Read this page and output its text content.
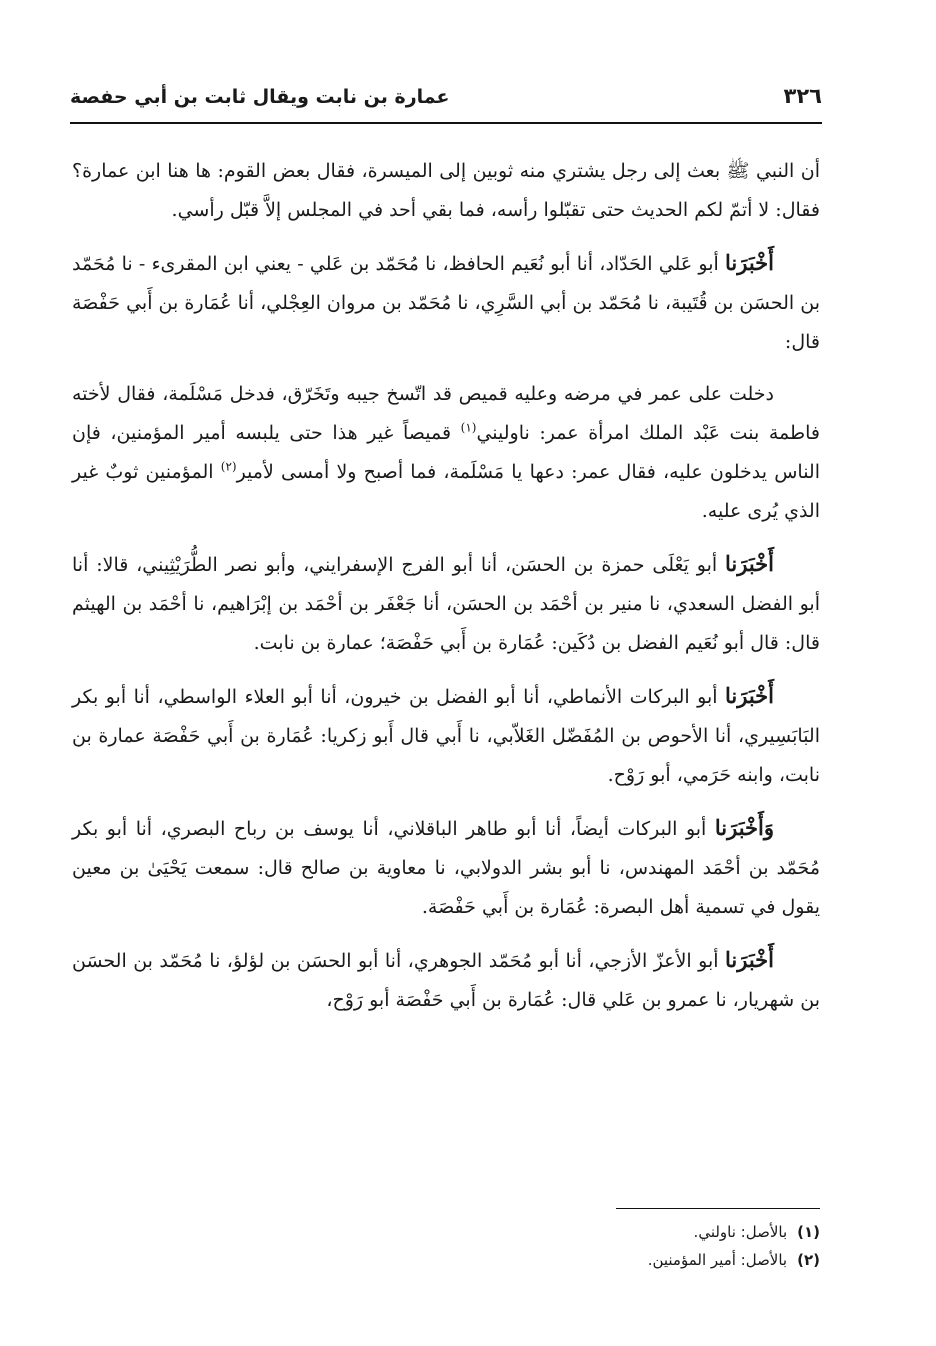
عمارة بن نابت ويقال ثابت بن أبي حفصة	٣٢٦

أن النبي ﷺ بعث إلى رجل يشتري منه ثوبين إلى الميسرة، فقال بعض القوم: ها هنا ابن عمارة؟ فقال: لا أتمّ لكم الحديث حتى تقبّلوا رأسه، فما بقي أحد في المجلس إلاَّ قبّل رأسي.

أَخْبَرَنا أبو عَلي الحَدّاد، أنا أبو نُعَيم الحافظ، نا مُحَمّد بن عَلي - يعني ابن المقرىء - نا مُحَمّد بن الحسَن بن قُتَيبة، نا مُحَمّد بن أبي السَّرِي، نا مُحَمّد بن مروان العِجْلي، أنا عُمَارة بن أَبي حَفْصَة قال:

دخلت على عمر في مرضه وعليه قميص قد اتّسخ جيبه وتَخَرّق، فدخل مَسْلَمة، فقال لأخته فاطمة بنت عَبْد الملك امرأة عمر: ناوليني$^{(١)}$ قميصاً غير هذا حتى يلبسه أمير المؤمنين، فإن الناس يدخلون عليه، فقال عمر: دعها يا مَسْلَمة، فما أصبح ولا أمسى لأمير$^{(٢)}$ المؤمنين ثوبٌ غير الذي يُرى عليه.

أَخْبَرَنا أبو يَعْلَى حمزة بن الحسَن، أنا أبو الفرج الإسفرايني، وأبو نصر الطُّرَيْثِيني، قالا: أنا أبو الفضل السعدي، نا منير بن أحْمَد بن الحسَن، أنا جَعْفَر بن أحْمَد بن إبْرَاهيم، نا أحْمَد بن الهيثم قال: قال أبو نُعَيم الفضل بن دُكَين: عُمَارة بن أَبي حَفْصَة؛ عمارة بن نابت.

أَخْبَرَنا أبو البركات الأنماطي، أنا أبو الفضل بن خيرون، أنا أبو العلاء الواسطي، أنا أبو بكر البَابَسِيري، أنا الأحوص بن المُفَضّل الغَلاّبي، نا أَبي قال أَبو زكريا: عُمَارة بن أَبي حَفْصَة عمارة بن نابت، وابنه حَرَمي، أبو رَوْح.

وَأَخْبَرَنا أبو البركات أيضاً، أنا أبو طاهر الباقلاني، أنا يوسف بن رباح البصري، أنا أبو بكر مُحَمّد بن أحْمَد المهندس، نا أبو بشر الدولابي، نا معاوية بن صالح قال: سمعت يَحْيَىٰ بن معين يقول في تسمية أهل البصرة: عُمَارة بن أَبي حَفْصَة.

أَخْبَرَنا أبو الأعزّ الأزجي، أنا أبو مُحَمّد الجوهري، أنا أبو الحسَن بن لؤلؤ، نا مُحَمّد بن الحسَن بن شهريار، نا عمرو بن عَلي قال: عُمَارة بن أَبي حَفْصَة أبو رَوْح،

(١)بالأصل: ناولني.

(٢)بالأصل: أمير المؤمنين.
